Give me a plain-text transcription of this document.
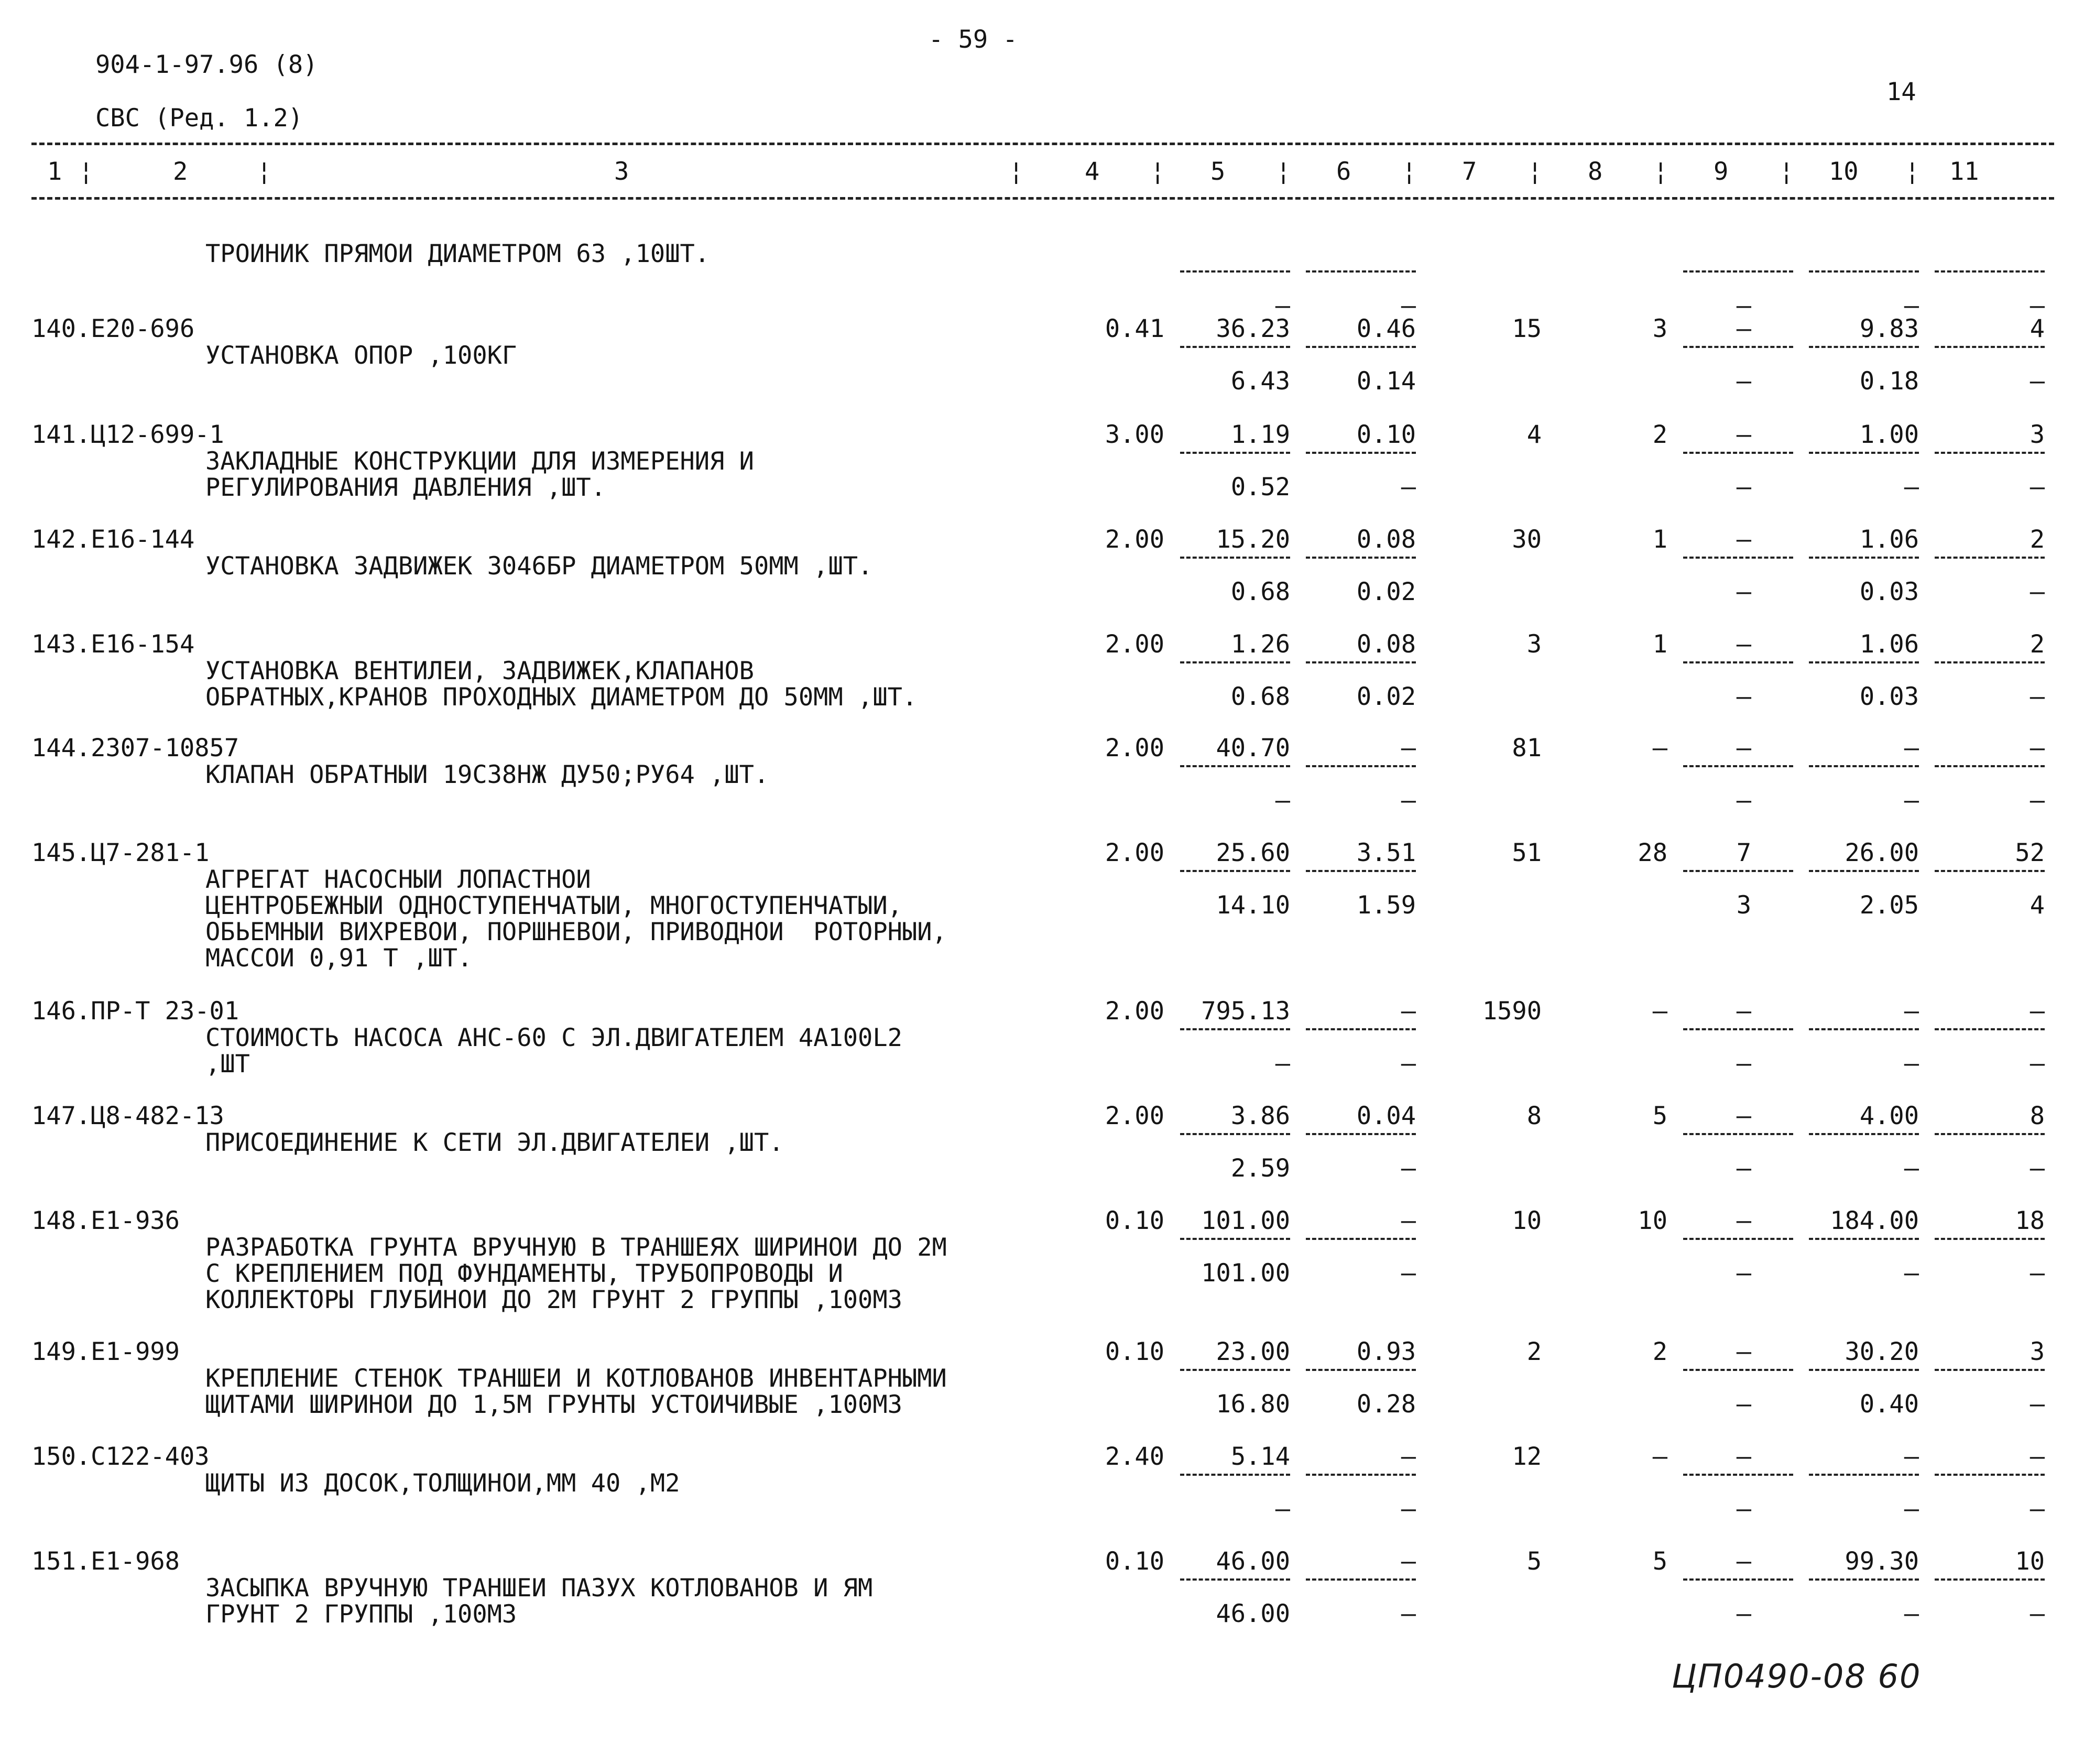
- 59 -
904-1-97.96 (8)
14
СВС (Ред. 1.2)
1 ¦	2	¦	3	¦ 4 ¦ 5 ¦ 6 ¦ 7 ¦ 8 ¦ 9 ¦ 10 ¦ 11
ТРОИНИК ПРЯМОИ ДИАМЕТРОМ 63 ,10ШТ.
–	–	–	–	–
140.Е20-696
УСТАНОВКА ОПОР ,100КГ
0.41 36.23	0.46	15	3	–	9.83	4
6.43	0.14	–	0.18	–
141.Ц12-699-1
ЗАКЛАДНЫЕ КОНСТРУКЦИИ ДЛЯ ИЗМЕРЕНИЯ И
РЕГУЛИРОВАНИЯ ДАВЛЕНИЯ ,ШТ.
3.00	1.19	0.10	4	2	–	1.00	3
0.52	–	–	–	–
142.Е16-144
УСТАНОВКА ЗАДВИЖЕК 3046БР ДИАМЕТРОМ 50ММ ,ШТ.
2.00 15.20	0.08	30	1	–	1.06	2
0.68	0.02	–	0.03	–
143.Е16-154
УСТАНОВКА ВЕНТИЛЕИ, ЗАДВИЖЕК,КЛАПАНОВ
ОБРАТНЫХ,КРАНОВ ПРОХОДНЫХ ДИАМЕТРОМ ДО 50ММ ,ШТ.
2.00	1.26	0.08	3	1	–	1.06	2
0.68	0.02	–	0.03	–
144.2307-10857
КЛАПАН ОБРАТНЫИ 19С38НЖ ДУ50;РУ64 ,ШТ.
2.00 40.70	–	81	–	–	–	–
–	–	–	–	–
145.Ц7-281-1
АГРЕГАТ НАСОСНЫИ ЛОПАСТНОИ
ЦЕНТРОБЕЖНЫИ ОДНОСТУПЕНЧАТЫИ, МНОГОСТУПЕНЧАТЫИ,
ОБЬЕМНЫИ ВИХРЕВОИ, ПОРШНЕВОИ, ПРИВОДНОИ  РОТОРНЫИ,
МАССОИ 0,91 Т ,ШТ.
2.00 25.60	3.51	51	28	7	26.00	52
14.10	1.59	3	2.05	4
146.ПР-Т 23-01
СТОИМОСТЬ НАСОСА АНС-60 С ЭЛ.ДВИГАТЕЛЕМ 4А100L2
,ШТ
2.00 795.13	–	1590	–	–	–	–
–	–	–	–	–
147.Ц8-482-13
ПРИСОЕДИНЕНИЕ К СЕТИ ЭЛ.ДВИГАТЕЛЕИ ,ШТ.
2.00	3.86	0.04	8	5	–	4.00	8
2.59	–	–	–	–
148.Е1-936
РАЗРАБОТКА ГРУНТА ВРУЧНУЮ В ТРАНШЕЯХ ШИРИНОИ ДО 2М
С КРЕПЛЕНИЕМ ПОД ФУНДАМЕНТЫ, ТРУБОПРОВОДЫ И
КОЛЛЕКТОРЫ ГЛУБИНОИ ДО 2М ГРУНТ 2 ГРУППЫ ,100М3
0.10 101.00	–	10	10	–	184.00	18
101.00	–	–	–	–
149.Е1-999
КРЕПЛЕНИЕ СТЕНОК ТРАНШЕИ И КОТЛОВАНОВ ИНВЕНТАРНЫМИ
ЩИТАМИ ШИРИНОИ ДО 1,5М ГРУНТЫ УСТОИЧИВЫЕ ,100М3
0.10 23.00	0.93	2	2	–	30.20	3
16.80	0.28	–	0.40	–
150.С122-403
ЩИТЫ ИЗ ДОСОК,ТОЛЩИНОИ,ММ 40 ,М2
2.40	5.14	–	12	–	–	–	–
–	–	–	–	–
151.Е1-968
ЗАСЫПКА ВРУЧНУЮ ТРАНШЕИ ПАЗУХ КОТЛОВАНОВ И ЯМ
ГРУНТ 2 ГРУППЫ ,100М3
0.10 46.00	–	5	5	–	99.30	10
46.00	–	–	–	–
ЦП0490-08 60
